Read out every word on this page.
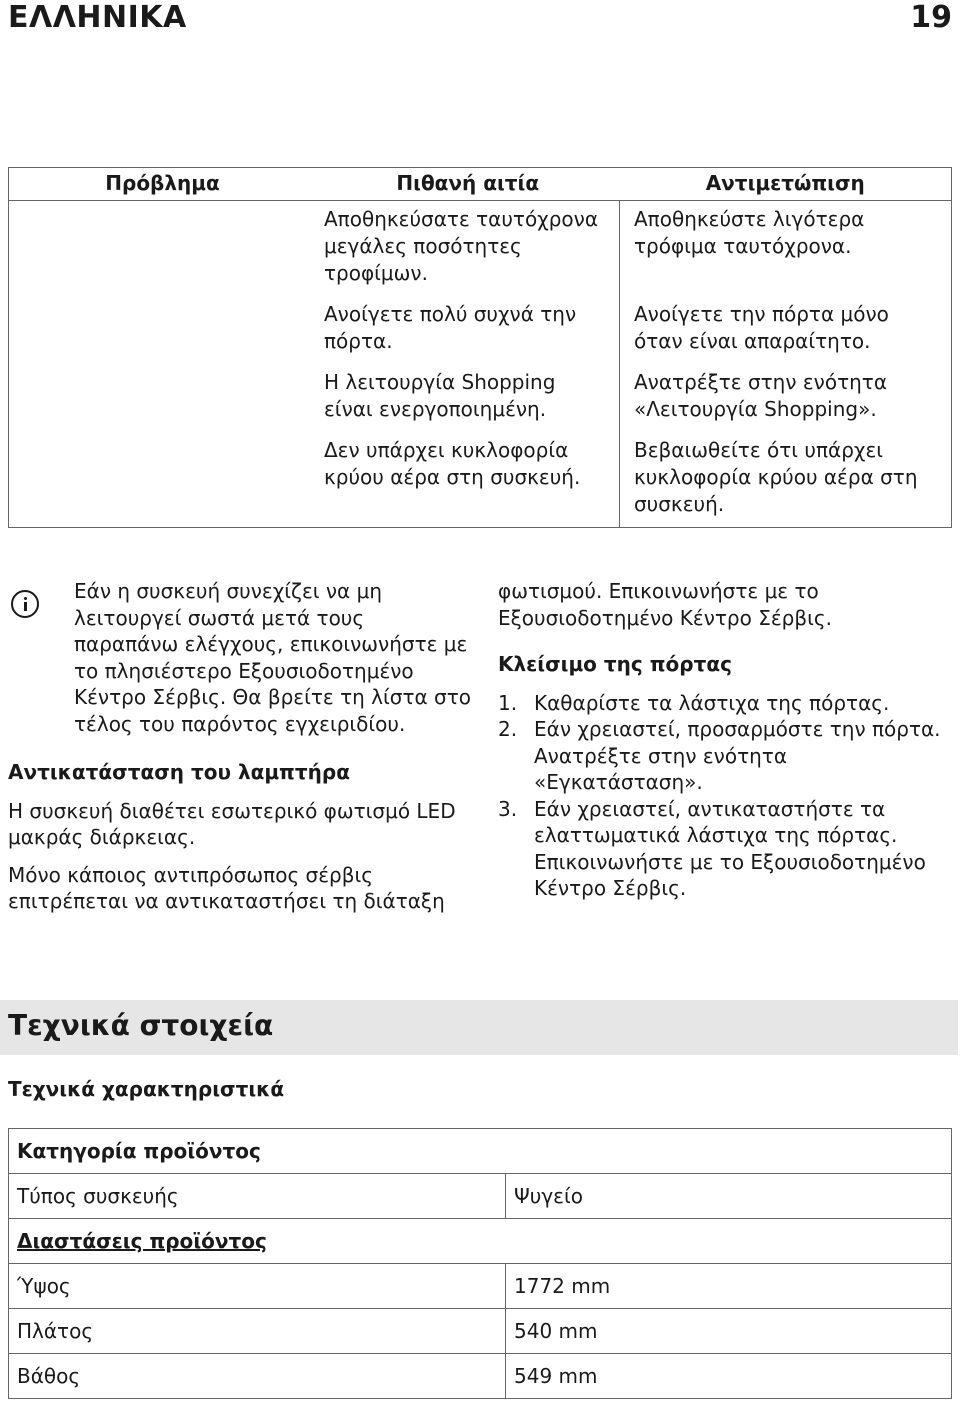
ΕΛΛΗΝΙΚΑ	19
Πρόβλημα	Πιθανή αιτία	Αντιμετώπιση
	Αποθηκεύσατε ταυτόχρονα μεγάλες ποσότητες τροφίμων.	Αποθηκεύστε λιγότερα τρόφιμα ταυτόχρονα.
	Ανοίγετε πολύ συχνά την πόρτα.	Ανοίγετε την πόρτα μόνο όταν είναι απαραίτητο.
	Η λειτουργία Shopping είναι ενεργοποιημένη.	Ανατρέξτε στην ενότητα «Λειτουργία Shopping».
	Δεν υπάρχει κυκλοφορία κρύου αέρα στη συσκευή.	Βεβαιωθείτε ότι υπάρχει κυκλοφορία κρύου αέρα στη συσκευή.
Εάν η συσκευή συνεχίζει να μη λειτουργεί σωστά μετά τους παραπάνω ελέγχους, επικοινωνήστε με το πλησιέστερο Εξουσιοδοτημένο Κέντρο Σέρβις. Θα βρείτε τη λίστα στο τέλος του παρόντος εγχειριδίου.
Αντικατάσταση του λαμπτήρα

Η συσκευή διαθέτει εσωτερικό φωτισμό LED μακράς διάρκειας.

Μόνο κάποιος αντιπρόσωπος σέρβις επιτρέπεται να αντικαταστήσει τη διάταξη

φωτισμού. Επικοινωνήστε με το Εξουσιοδοτημένο Κέντρο Σέρβις.

Κλείσιμο της πόρτας
1. Καθαρίστε τα λάστιχα της πόρτας.
2. Εάν χρειαστεί, προσαρμόστε την πόρτα. Ανατρέξτε στην ενότητα «Εγκατάσταση».
3. Εάν χρειαστεί, αντικαταστήστε τα ελαττωματικά λάστιχα της πόρτας. Επικοινωνήστε με το Εξουσιοδοτημένο Κέντρο Σέρβις.
Τεχνικά στοιχεία
Τεχνικά χαρακτηριστικά
Κατηγορία προϊόντος	
Τύπος συσκευής	Ψυγείο
Διαστάσεις προϊόντος	
Ύψος	1772 mm
Πλάτος	540 mm
Βάθος	549 mm
